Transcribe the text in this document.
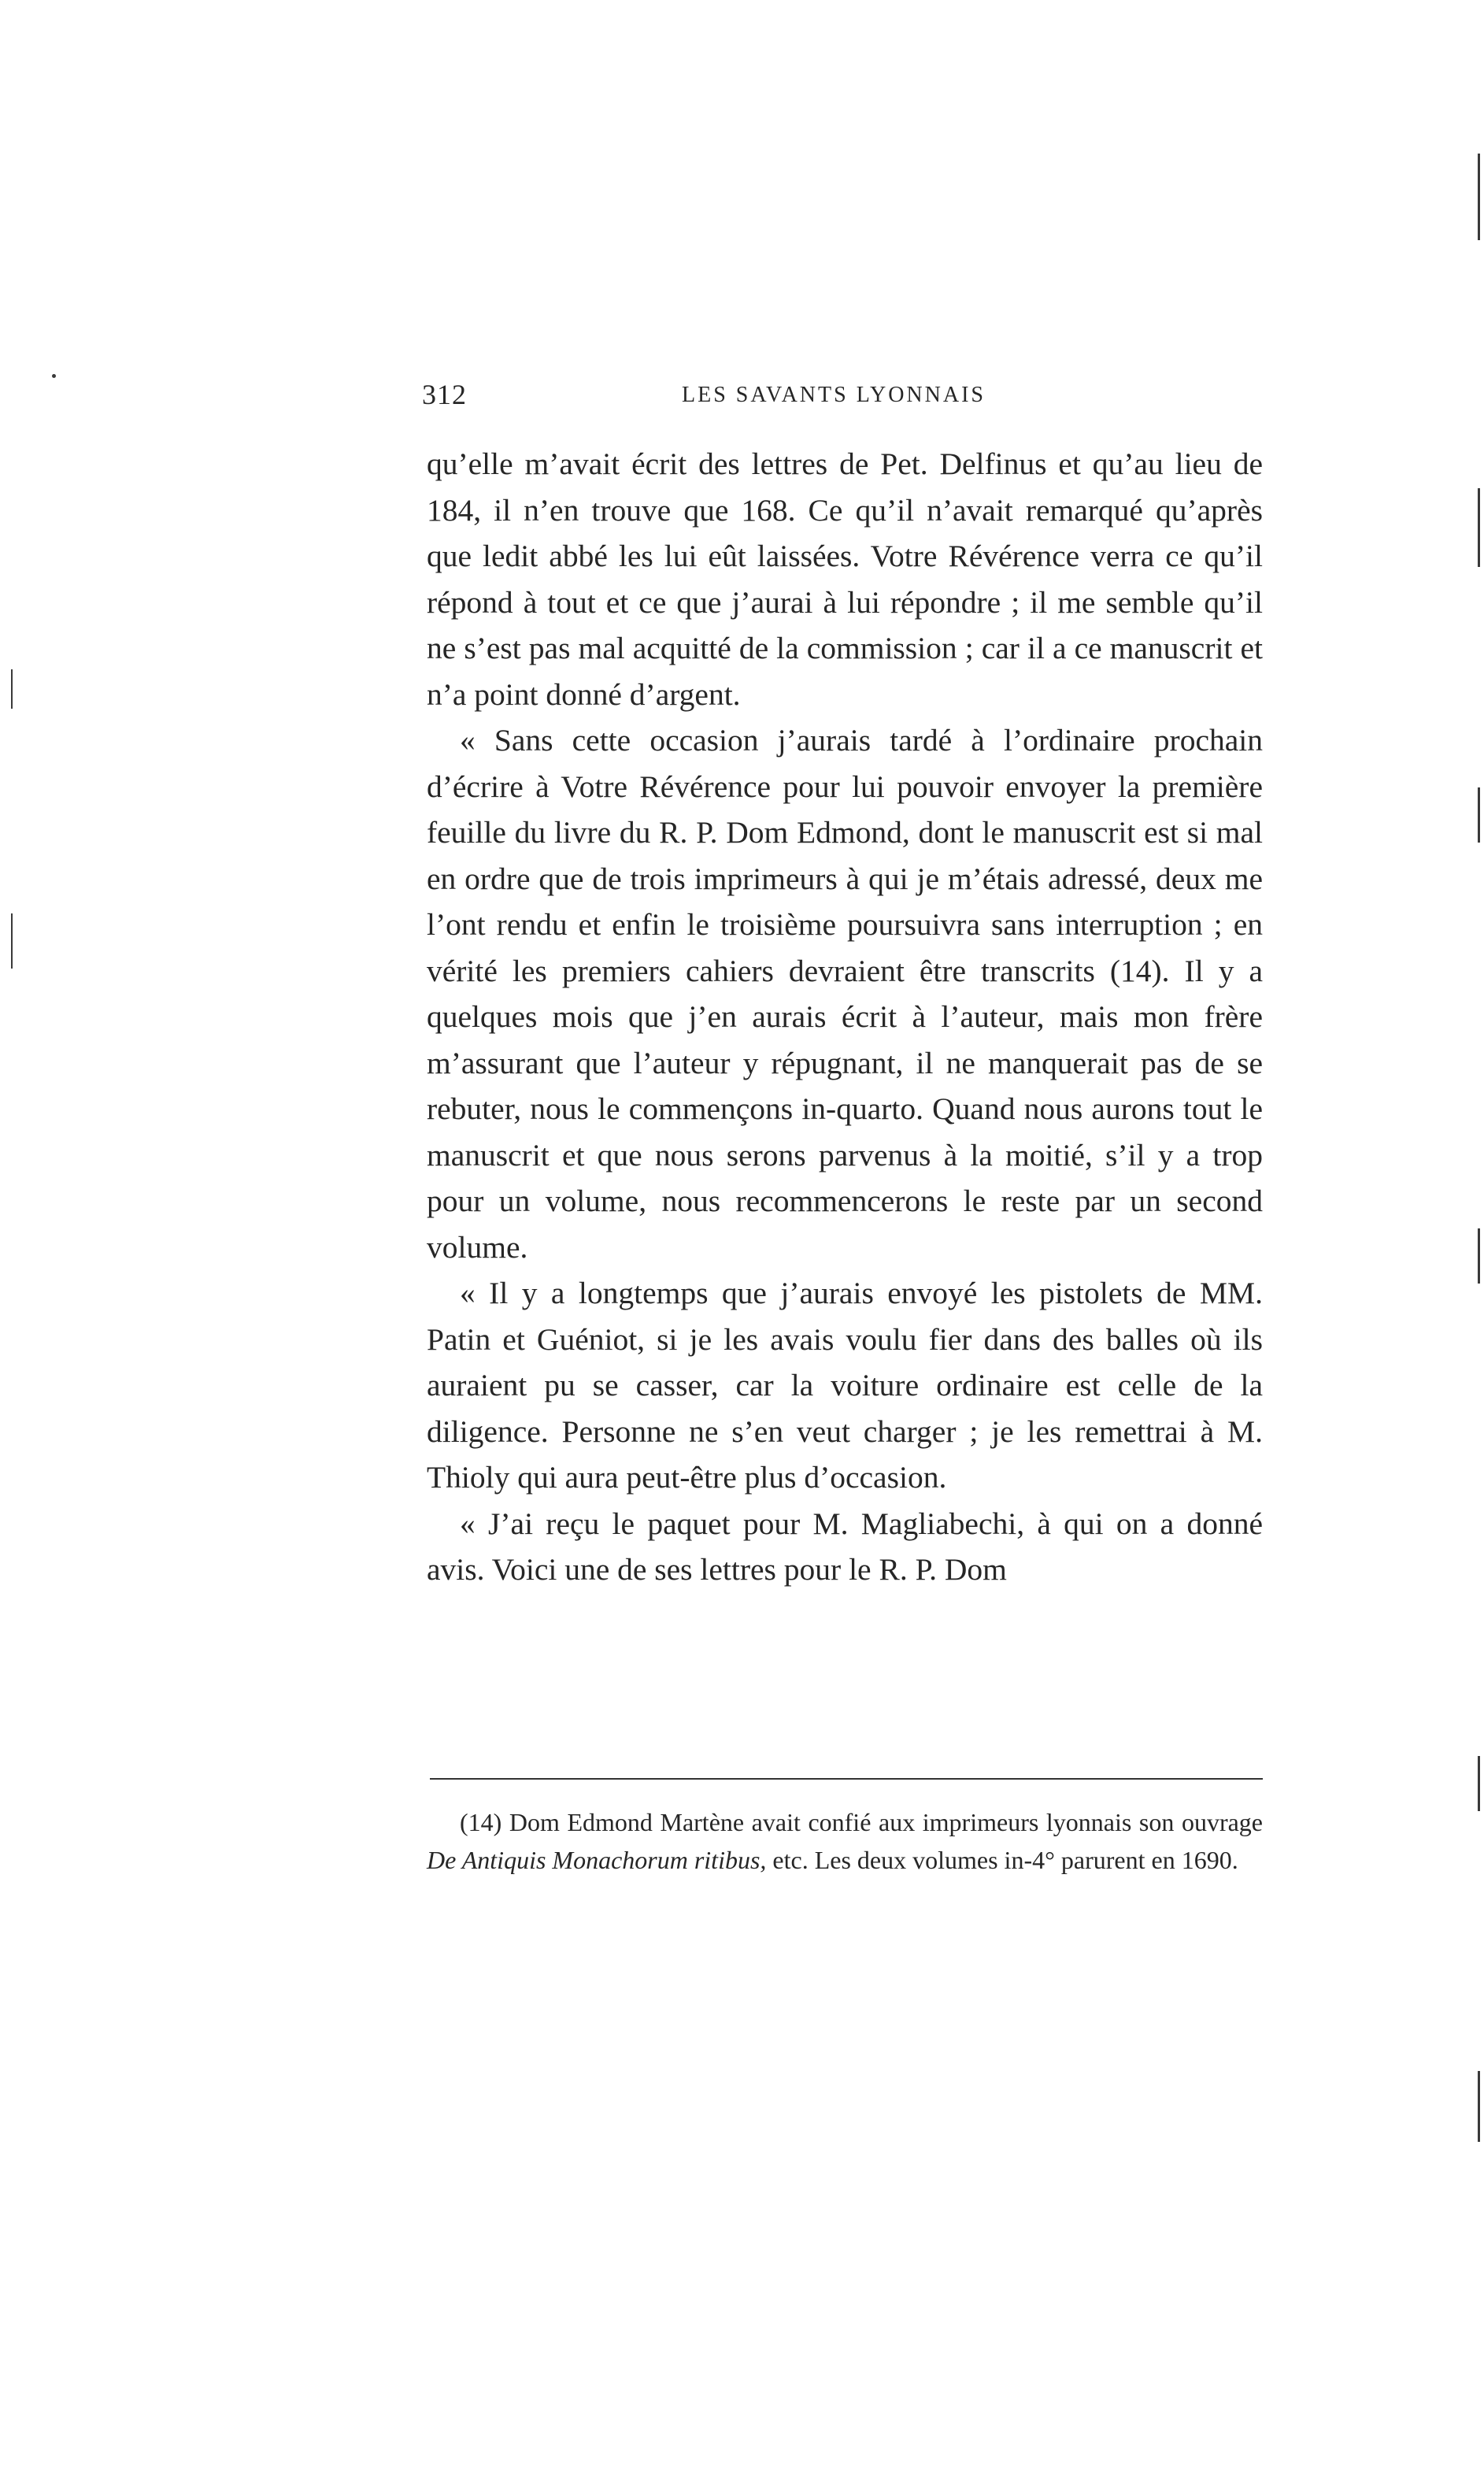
312	LES SAVANTS LYONNAIS

qu’elle m’avait écrit des lettres de Pet. Delfinus et qu’au lieu de 184, il n’en trouve que 168. Ce qu’il n’avait remarqué qu’après que ledit abbé les lui eût laissées. Votre Révérence verra ce qu’il répond à tout et ce que j’aurai à lui répondre ; il me semble qu’il ne s’est pas mal acquitté de la commission ; car il a ce manuscrit et n’a point donné d’argent.

« Sans cette occasion j’aurais tardé à l’ordinaire prochain d’écrire à Votre Révérence pour lui pouvoir envoyer la première feuille du livre du R. P. Dom Edmond, dont le manuscrit est si mal en ordre que de trois imprimeurs à qui je m’étais adressé, deux me l’ont rendu et enfin le troisième poursuivra sans interruption ; en vérité les premiers cahiers devraient être transcrits (14). Il y a quelques mois que j’en aurais écrit à l’auteur, mais mon frère m’assurant que l’auteur y répugnant, il ne manquerait pas de se rebuter, nous le commençons in-quarto. Quand nous aurons tout le manuscrit et que nous serons parvenus à la moitié, s’il y a trop pour un volume, nous recommencerons le reste par un second volume.

« Il y a longtemps que j’aurais envoyé les pistolets de MM. Patin et Guéniot, si je les avais voulu fier dans des balles où ils auraient pu se casser, car la voiture ordinaire est celle de la diligence. Personne ne s’en veut charger ; je les remettrai à M. Thioly qui aura peut-être plus d’occasion.

« J’ai reçu le paquet pour M. Magliabechi, à qui on a donné avis. Voici une de ses lettres pour le R. P. Dom

(14) Dom Edmond Martène avait confié aux imprimeurs lyonnais son ouvrage De Antiquis Monachorum ritibus, etc. Les deux volumes in-4° parurent en 1690.
